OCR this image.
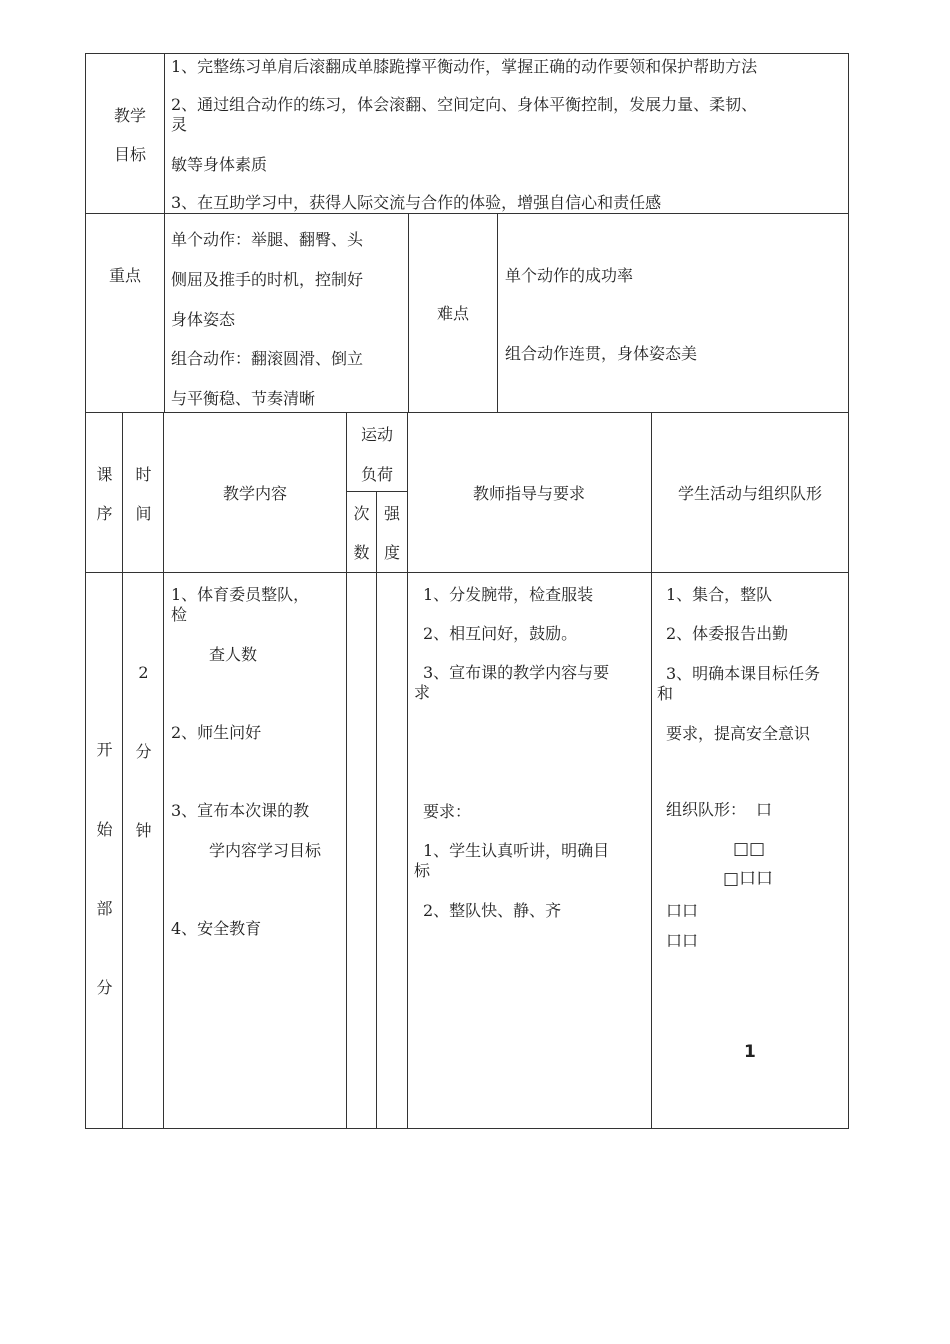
教学
目标
1、完整练习单肩后滚翻成单膝跪撑平衡动作，掌握正确的动作要领和保护帮助方法
2、通过组合动作的练习，体会滚翻、空间定向、身体平衡控制，发展力量、柔韧、
灵
敏等身体素质
3、在互助学习中，获得人际交流与合作的体验，增强自信心和责任感
重点
单个动作：举腿、翻臀、头
侧屈及推手的时机，控制好
身体姿态
组合动作：翻滚圆滑、倒立
与平衡稳、节奏清晰
难点
单个动作的成功率
组合动作连贯，身体姿态美
课
序
时
间
教学内容
运动
负荷
次
数
强
度
教师指导与要求	学生活动与组织队形
开
始
部
分
2
分
钟
1、体育委员整队，
检
查人数
2、师生问好
3、宣布本次课的教
学内容学习目标
4、安全教育
1、分发腕带，检查服装
2、相互问好，鼓励。
3、宣布课的教学内容与要
求
要求：
1、学生认真听讲，明确目
标
2、整队快、静、齐
1、集合，整队
2、体委报告出勤
3、明确本课目标任务
和
要求，提高安全意识
组织队形： 口
□□
□口口
口口
口口
1
